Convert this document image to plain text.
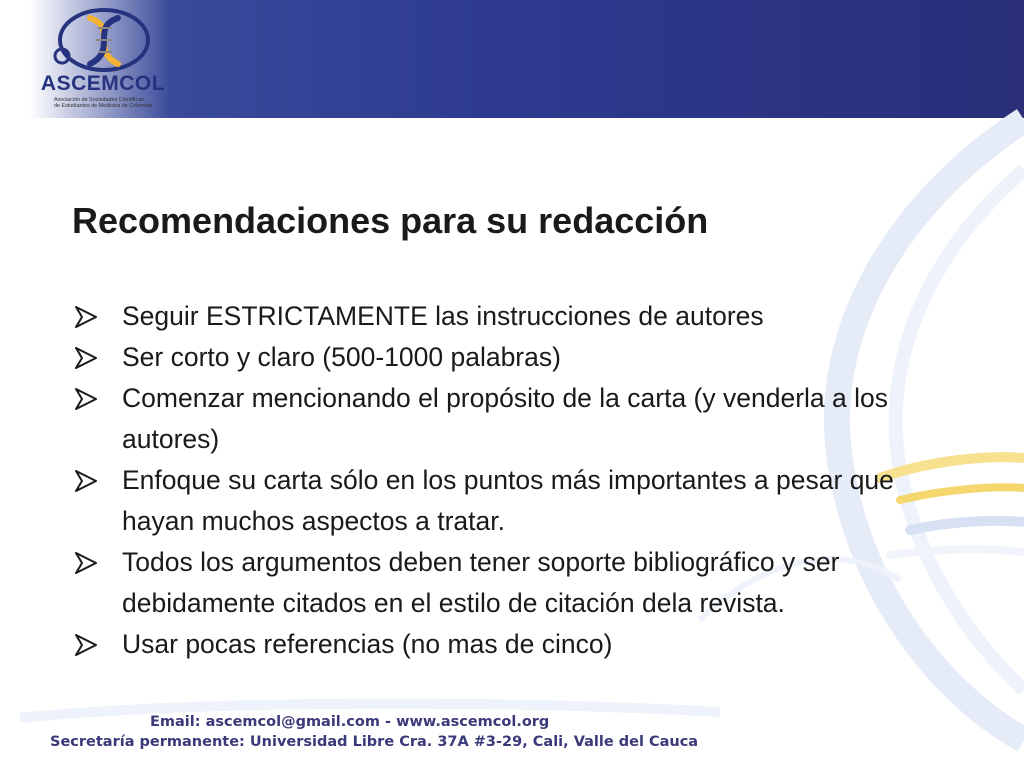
ASCEMCOL
Asociación de Sociedades Científicas
de Estudiantes de Medicina de Colombia
Recomendaciones para su redacción
Seguir ESTRICTAMENTE las instrucciones de autores
Ser corto y claro (500-1000 palabras)
Comenzar mencionando el propósito de la carta (y venderla a los autores)
Enfoque su carta sólo en los puntos más importantes a pesar que hayan muchos aspectos a tratar.
Todos los argumentos deben tener soporte bibliográfico y ser debidamente citados en el estilo de citación dela revista.
Usar pocas referencias (no mas de cinco)
Email: ascemcol@gmail.com - www.ascemcol.org
Secretaría permanente: Universidad Libre Cra. 37A #3-29, Cali, Valle del Cauca
